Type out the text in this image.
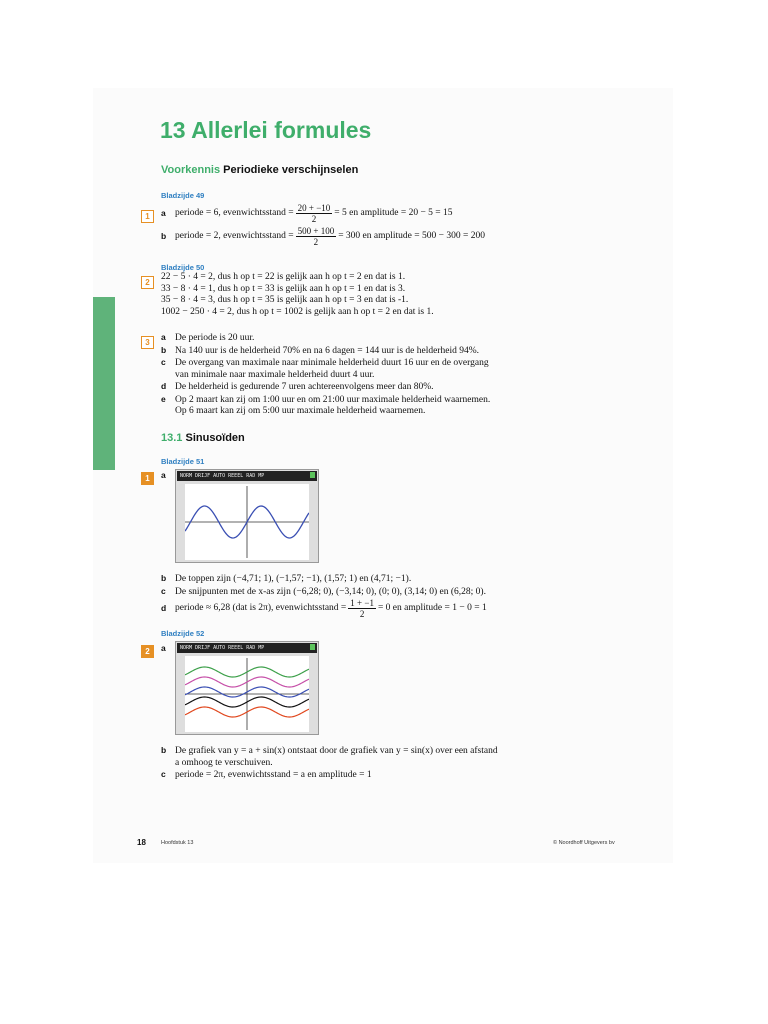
13 Allerlei formules
Voorkennis Periodieke verschijnselen
Bladzijde 49
1	a periode = 6, evenwichtsstand = $\frac{20 + -10}{2} = 5$ en amplitude = 20 − 5 = 15
b periode = 2, evenwichtsstand = $\frac{500 + 100}{2} = 300$ en amplitude = 500 − 300 = 200
Bladzijde 50
2
22 − 5 · 4 = 2, dus h op t = 22 is gelijk aan h op t = 2 en dat is 1.
33 − 8 · 4 = 1, dus h op t = 33 is gelijk aan h op t = 1 en dat is 3.
35 − 8 · 4 = 3, dus h op t = 35 is gelijk aan h op t = 3 en dat is -1.
1002 − 250 · 4 = 2, dus h op t = 1002 is gelijk aan h op t = 2 en dat is 1.
3
a De periode is 20 uur.
b Na 140 uur is de helderheid 70% en na 6 dagen = 144 uur is de helderheid 94%.
c De overgang van maximale naar minimale helderheid duurt 16 uur en de overgang
van minimale naar maximale helderheid duurt 4 uur.
d De helderheid is gedurende 7 uren achtereenvolgens meer dan 80%.
e Op 2 maart kan zij om 1:00 uur en om 21:00 uur maximale helderheid waarnemen.
Op 6 maart kan zij om 5:00 uur maximale helderheid waarnemen.
13.1 Sinusoïden
Bladzijde 51
1	a	NORM DRIJF AUTO REEEL RAD MP
b De toppen zijn (−4,71; 1), (−1,57; −1), (1,57; 1) en (4,71; −1).
c De snijpunten met de x-as zijn (−6,28; 0), (−3,14; 0), (0; 0), (3,14; 0) en (6,28; 0).
d periode ≈ 6,28 (dat is 2π), evenwichtsstand = $\frac{1 + -1}{2} = 0$ en amplitude = 1 − 0 = 1
Bladzijde 52
2	a	NORM DRIJF AUTO REEEL RAD MP
b De grafiek van y = a + sin(x) ontstaat door de grafiek van y = sin(x) over een afstand
a omhoog te verschuiven.
c periode = 2π, evenwichtsstand = a en amplitude = 1
18	Hoofdstuk 13	© Noordhoff Uitgevers bv
